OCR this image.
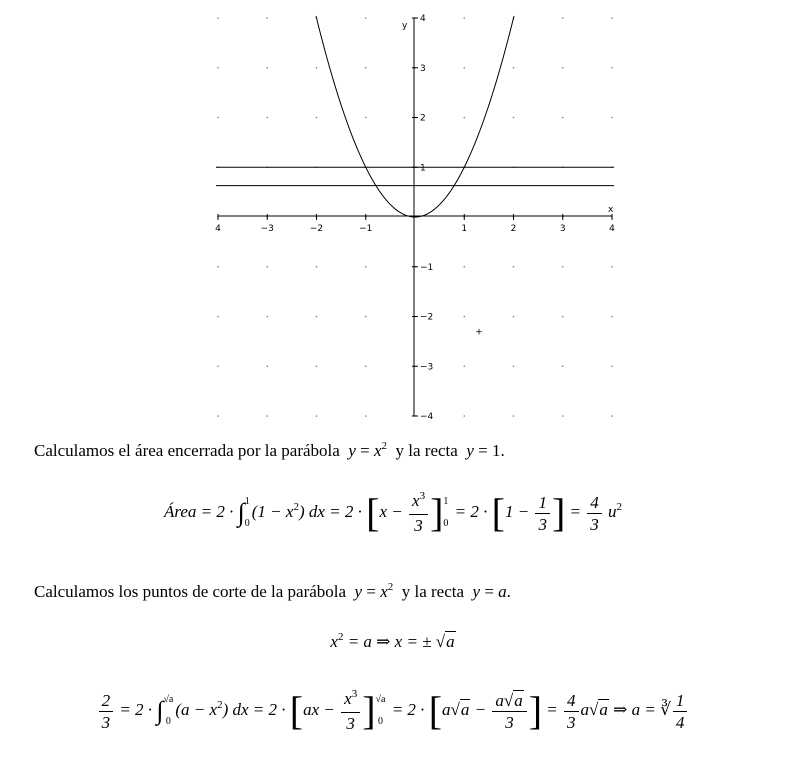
4	−3	−2	−1	1	2	3	4
4
3
2
1
−1
−2
−3
−4
x
y
+
Calculamos el área encerrada por la parábola $y = x^2$ y la recta y = 1.
Área = 2 · ∫ 1
0
$(1 - x^2)$ dx = $2 \cdot [x - \frac{x^3}{3}$ ] 1
0
= $2 \cdot [1 - \frac{1}{3}$ ] = $\frac{4}{3} u^2$
Calculamos los puntos de corte de la parábola $y = x^2$ y la recta y = a.
$x^2 = a$ ⇒ x = ± √a
$\frac{2}{3} = 2$ · ∫ √a
0
$(a - x^2)$ dx = $2 \cdot [ax - \frac{x^3}{3}$ ] √a
0
= $2 \cdot [a√a - \frac{a√a}{3}$ ] = $\frac{4}{3} a√a$ ⇒ a = ∛ $\frac{1}{4}$
